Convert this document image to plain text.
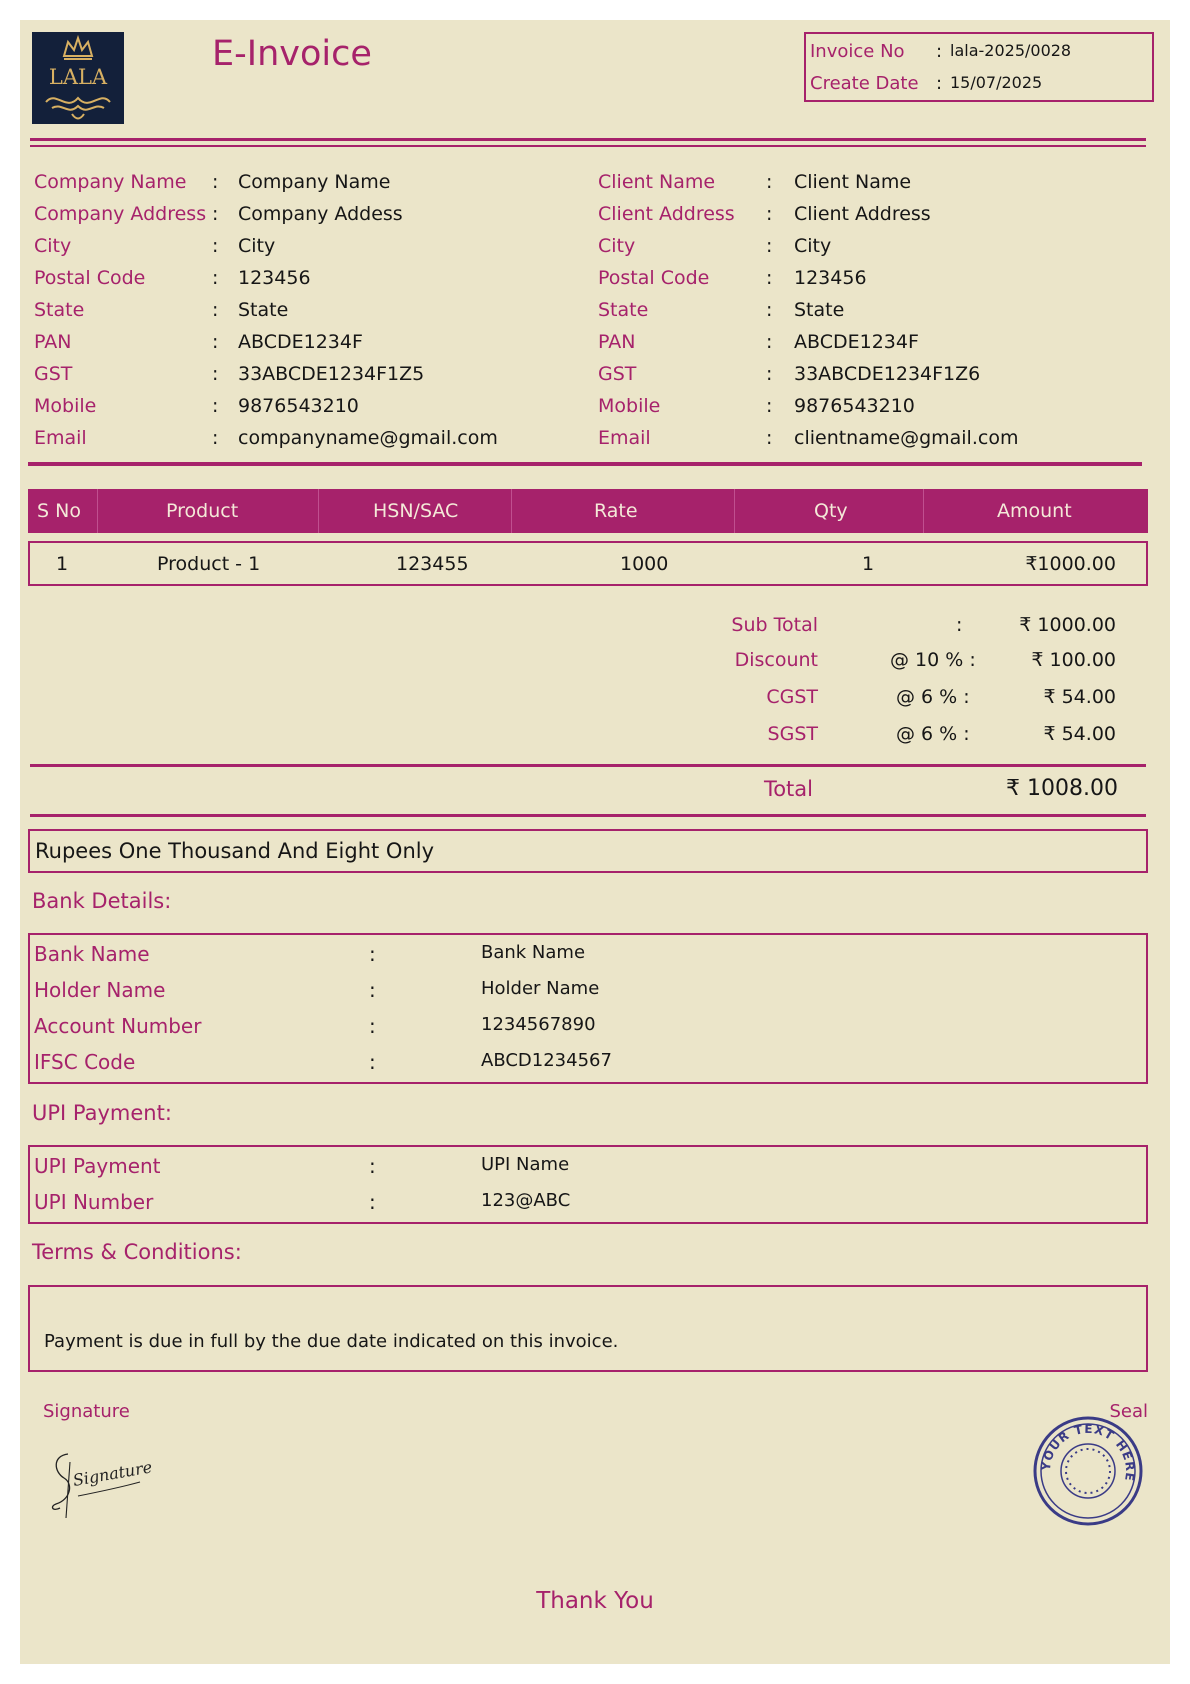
LALA
E-Invoice	Invoice No : lala-2025/0028
Create Date : 15/07/2025
Company Name : Company Name
Company Address : Company Addess
City	: City
Postal Code	: 123456
State	: State
PAN	: ABCDE1234F
GST	: 33ABCDE1234F1Z5
Mobile	: 9876543210
Email	: companyname@gmail.com
Client Name	: Client Name
Client Address : Client Address
City	: City
Postal Code	: 123456
State	: State
PAN	: ABCDE1234F
GST	: 33ABCDE1234F1Z6
Mobile	: 9876543210
Email	: clientname@gmail.com
S No	Product	HSN/SAC	Rate	Qty	Amount
1	Product - 1	123455	1000	1	₹1000.00
Sub Total	:	₹ 1000.00
Discount	@ 10 % :	₹ 100.00
CGST	@ 6 % :	₹ 54.00
SGST	@ 6 % :	₹ 54.00
Total	₹ 1008.00
Rupees One Thousand And Eight Only
Bank Details:
Bank Name	:	Bank Name
Holder Name	:	Holder Name
Account Number	:	1234567890
IFSC Code	:	ABCD1234567
UPI Payment:
UPI Payment	:	UPI Name
UPI Number	:	123@ABC
Terms & Conditions:
Payment is due in full by the due date indicated on this invoice.
Signature	Seal
Signature	YOUR TEXT HERE
Thank You
